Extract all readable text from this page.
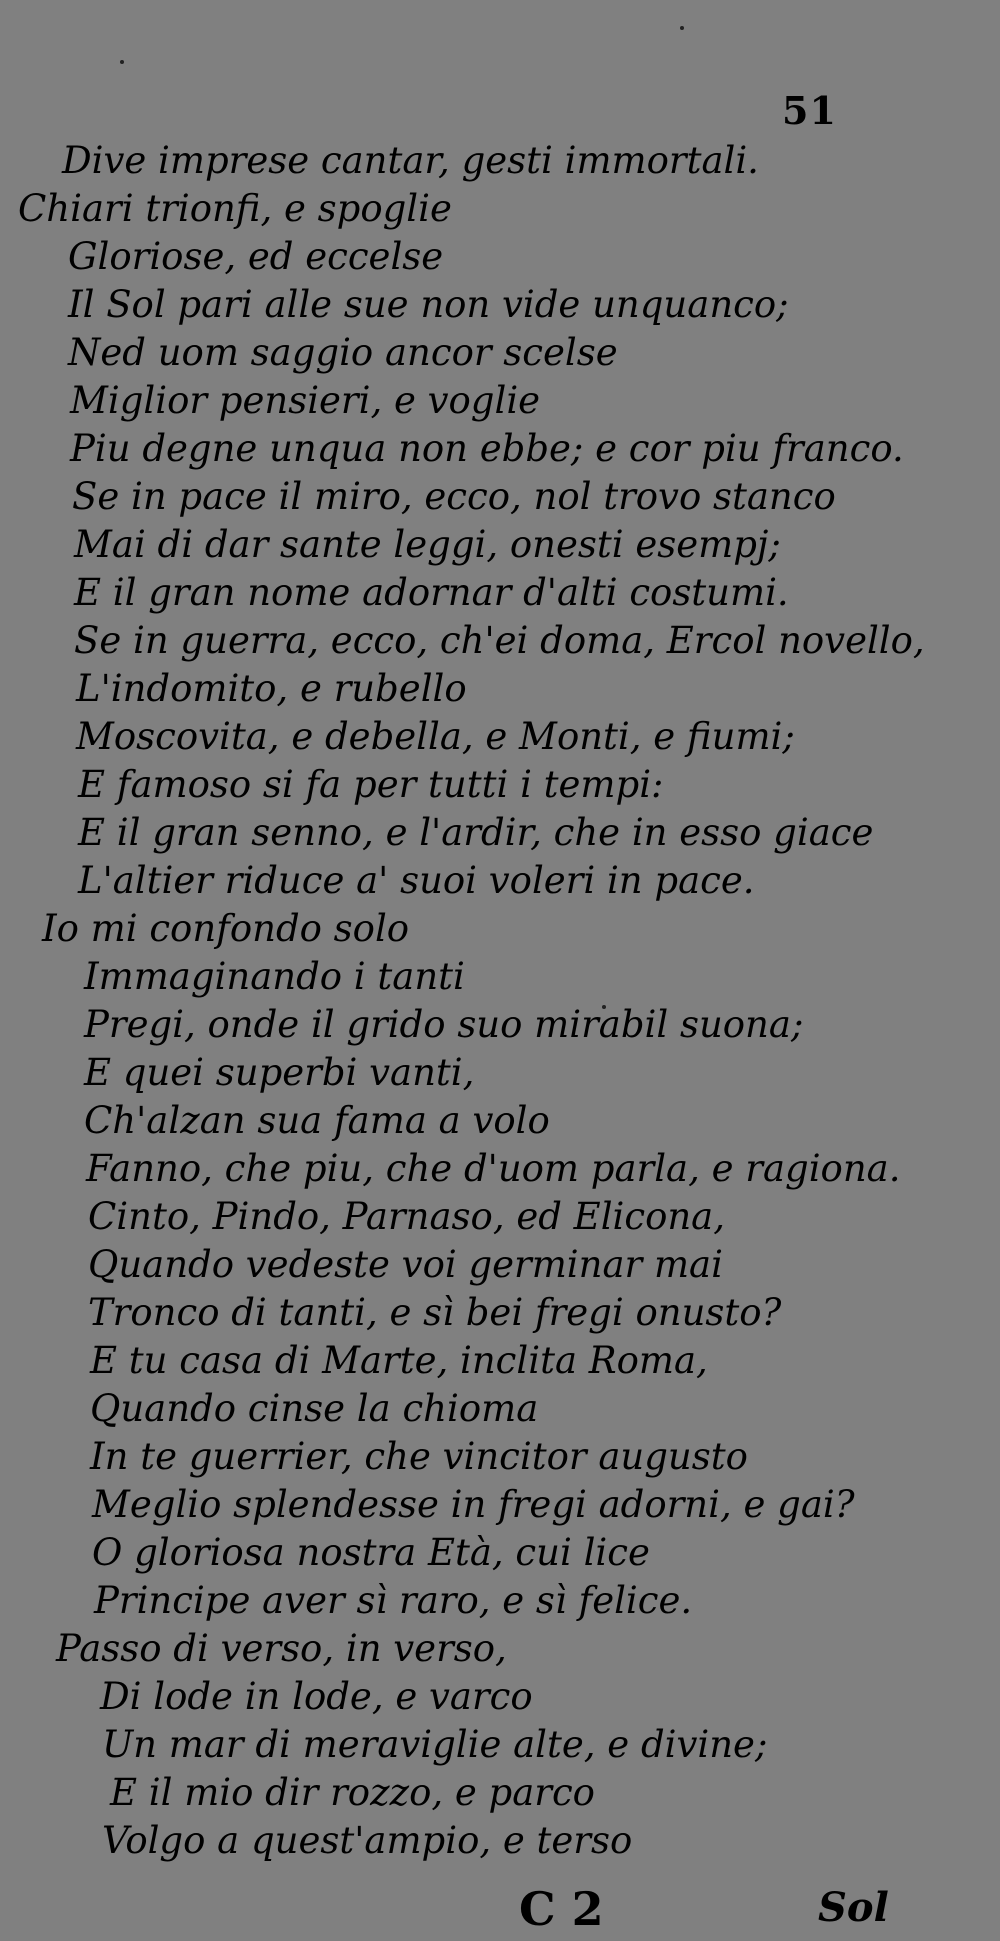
51
Dive imprese cantar, gesti immortali.
Chiari trionfi, e spoglie
Gloriose, ed eccelse
Il Sol pari alle sue non vide unquanco;
Ned uom saggio ancor scelse
Miglior pensieri, e voglie
Piu degne unqua non ebbe; e cor piu franco.
Se in pace il miro, ecco, nol trovo stanco
Mai di dar sante leggi, onesti esempj;
E il gran nome adornar d'alti costumi.
Se in guerra, ecco, ch'ei doma, Ercol novello,
L'indomito, e rubello
Moscovita, e debella, e Monti, e fiumi;
E famoso si fa per tutti i tempi:
E il gran senno, e l'ardir, che in esso giace
L'altier riduce a' suoi voleri in pace.
Io mi confondo solo
Immaginando i tanti
Pregi, onde il grido suo mirabil suona;
E quei superbi vanti,
Ch'alzan sua fama a volo
Fanno, che piu, che d'uom parla, e ragiona.
Cinto, Pindo, Parnaso, ed Elicona,
Quando vedeste voi germinar mai
Tronco di tanti, e sì bei fregi onusto?
E tu casa di Marte, inclita Roma,
Quando cinse la chioma
In te guerrier, che vincitor augusto
Meglio splendesse in fregi adorni, e gai?
O gloriosa nostra Età, cui lice
Principe aver sì raro, e sì felice.
Passo di verso, in verso,
Di lode in lode, e varco
Un mar di meraviglie alte, e divine;
E il mio dir rozzo, e parco
Volgo a quest'ampio, e terso
C 2	Sol
